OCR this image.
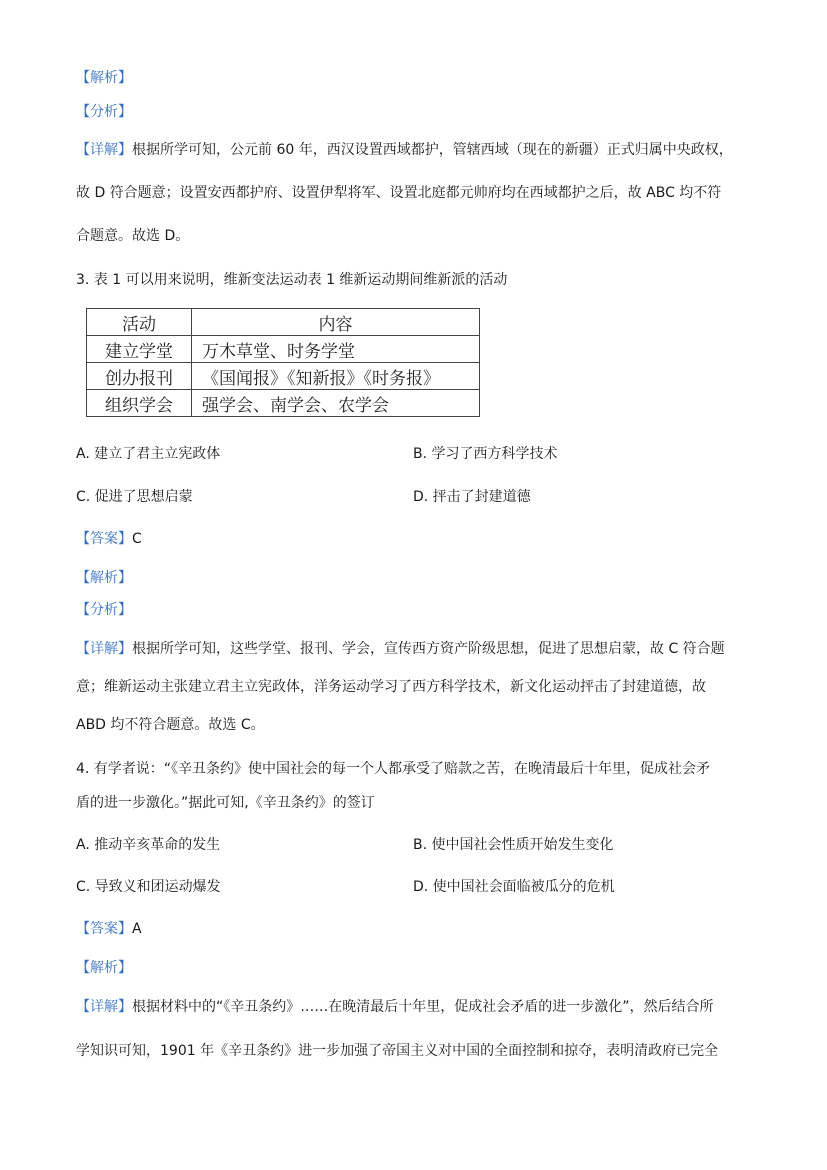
【解析】
【分析】
【详解】根据所学可知，公元前 60 年，西汉设置西域都护，管辖西域（现在的新疆）正式归属中央政权，
故 D 符合题意；设置安西都护府、设置伊犁将军、设置北庭都元帅府均在西域都护之后，故 ABC 均不符
合题意。故选 D。
3. 表 1 可以用来说明，维新变法运动表 1 维新运动期间维新派的活动
活动	内容
建立学堂	万木草堂、时务学堂
创办报刊	《国闻报》《知新报》《时务报》
组织学会	强学会、南学会、农学会
A. 建立了君主立宪政体	B. 学习了西方科学技术
C. 促进了思想启蒙	D. 抨击了封建道德
【答案】C
【解析】
【分析】
【详解】根据所学可知，这些学堂、报刊、学会，宣传西方资产阶级思想，促进了思想启蒙，故 C 符合题
意；维新运动主张建立君主立宪政体，洋务运动学习了西方科学技术，新文化运动抨击了封建道德，故
ABD 均不符合题意。故选 C。
4. 有学者说：“《辛丑条约》使中国社会的每一个人都承受了赔款之苦，在晚清最后十年里，促成社会矛
盾的进一步激化。”据此可知,《辛丑条约》的签订
A. 推动辛亥革命的发生	B. 使中国社会性质开始发生变化
C. 导致义和团运动爆发	D. 使中国社会面临被瓜分的危机
【答案】A
【解析】
【详解】根据材料中的“《辛丑条约》……在晚清最后十年里，促成社会矛盾的进一步激化”，然后结合所
学知识可知，1901 年《辛丑条约》进一步加强了帝国主义对中国的全面控制和掠夺，表明清政府已完全
